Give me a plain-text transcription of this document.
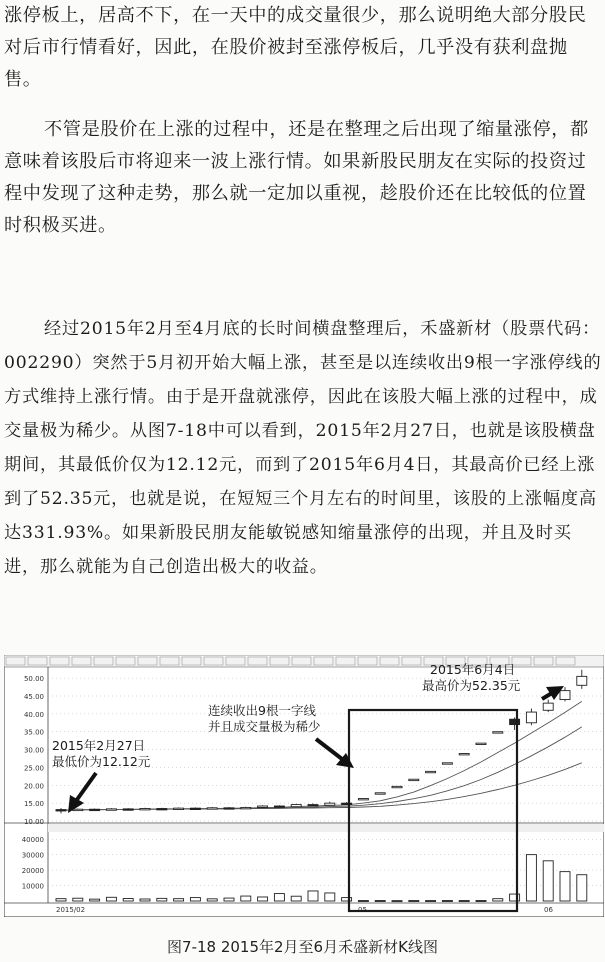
涨停板上，居高不下，在一天中的成交量很少，那么说明绝大部分股民对后市行情看好，因此，在股价被封至涨停板后，几乎没有获利盘抛售。

不管是股价在上涨的过程中，还是在整理之后出现了缩量涨停，都意味着该股后市将迎来一波上涨行情。如果新股民朋友在实际的投资过程中发现了这种走势，那么就一定加以重视，趁股价还在比较低的位置时积极买进。

经过2015年2月至4月底的长时间横盘整理后，禾盛新材（股票代码：002290）突然于5月初开始大幅上涨，甚至是以连续收出9根一字涨停线的方式维持上涨行情。由于是开盘就涨停，因此在该股大幅上涨的过程中，成交量极为稀少。从图7-18中可以看到，2015年2月27日，也就是该股横盘期间，其最低价仅为12.12元，而到了2015年6月4日，其最高价已经上涨到了52.35元，也就是说，在短短三个月左右的时间里，该股的上涨幅度高达331.93%。如果新股民朋友能敏锐感知缩量涨停的出现，并且及时买进，那么就能为自己创造出极大的收益。

50.00
45.00
40.00
35.00
30.00
25.00
20.00
15.00
10.00
40000
30000
20000
10000
2015/02	05	06
2015年2月27日
最低价为12.12元
连续收出9根一字线
并且成交量极为稀少
2015年6月4日
最高价为52.35元
图7-18 2015年2月至6月禾盛新材K线图
